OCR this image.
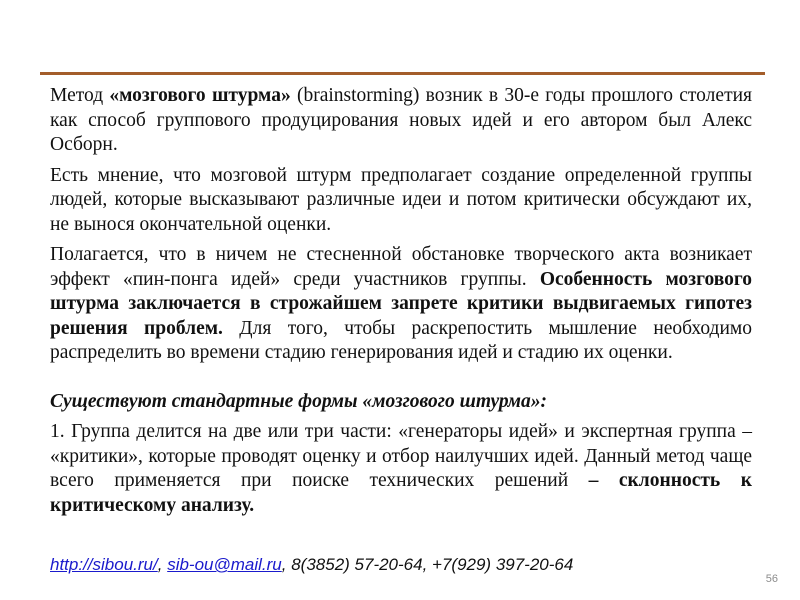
Метод «мозгового штурма» (brainstorming) возник в 30-е годы прошлого столетия как способ группового продуцирования новых идей и его автором был Алекс Осборн.

Есть мнение, что мозговой штурм предполагает создание определенной группы людей, которые высказывают различные идеи и потом критически обсуждают их, не вынося окончательной оценки.

Полагается, что в ничем не стесненной обстановке творческого акта возникает эффект «пин-понга идей» среди участников группы. Особенность мозгового штурма заключается в строжайшем запрете критики выдвигаемых гипотез решения проблем. Для того, чтобы раскрепостить мышление необходимо распределить во времени стадию генерирования идей и стадию их оценки.

Существуют стандартные формы «мозгового штурма»:

1. Группа делится на две или три части: «генераторы идей» и экспертная группа – «критики», которые проводят оценку и отбор наилучших идей. Данный метод чаще всего применяется при поиске технических решений – склонность к критическому анализу.

http://sibou.ru/, sib-ou@mail.ru, 8(3852) 57-20-64, +7(929) 397-20-64
56
